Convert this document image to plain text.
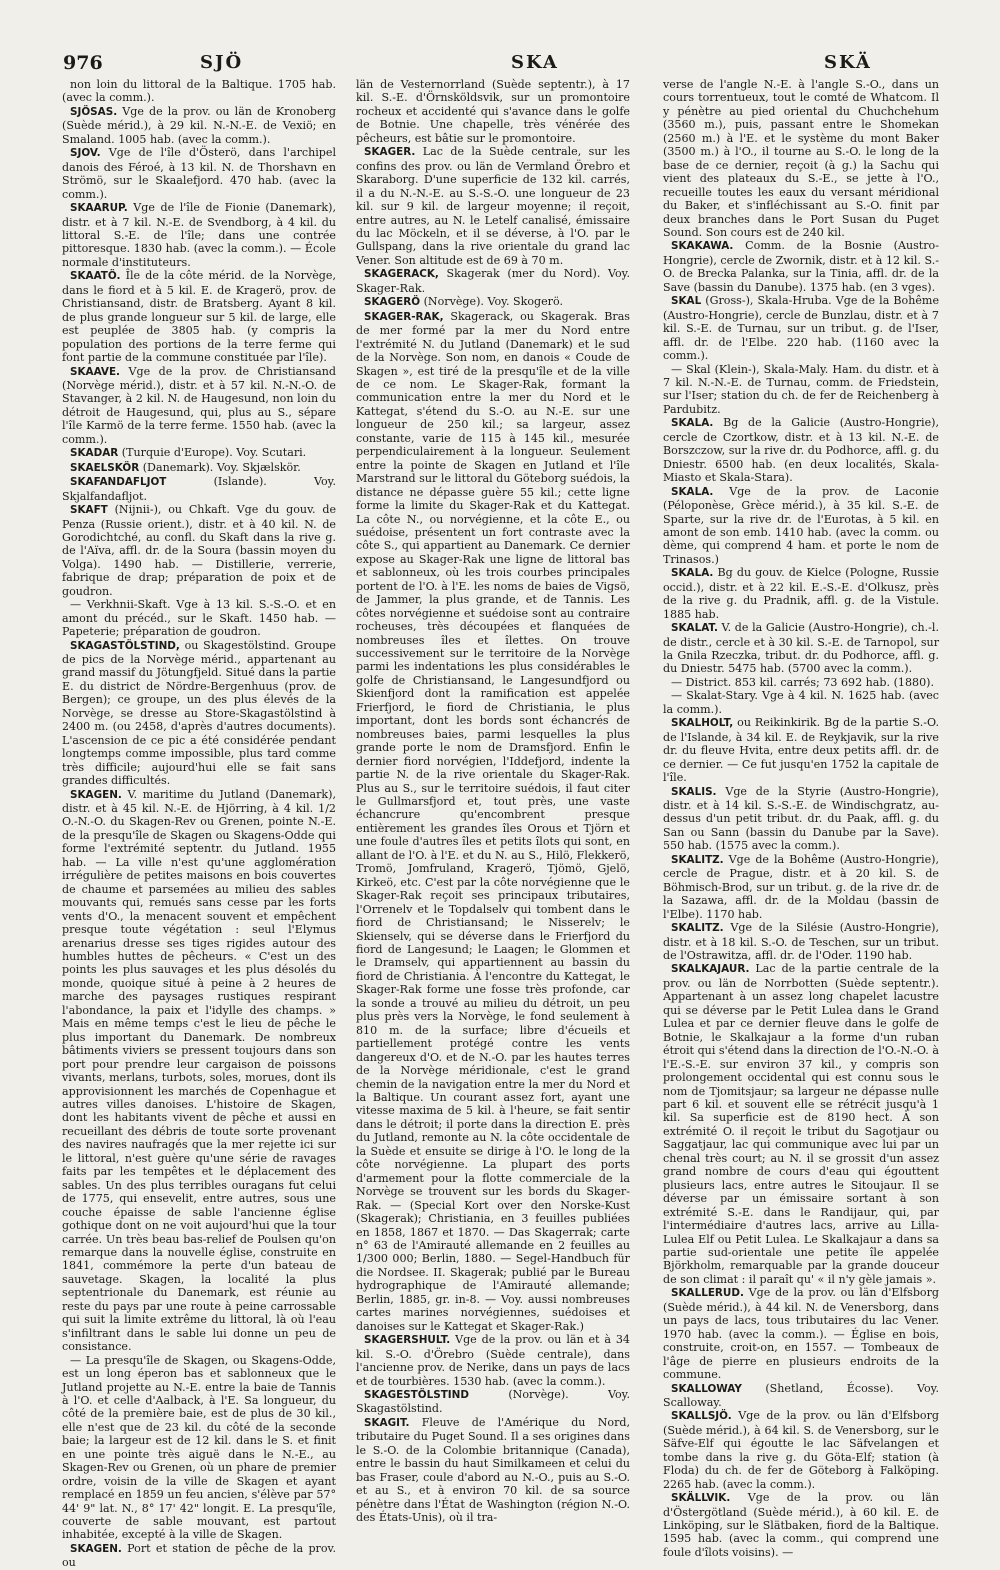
976	SJÖ	SKA	SKÄ

non loin du littoral de la Baltique. 1705 hab. (avec la comm.).

SJÖSAS. Vge de la prov. ou län de Kronoberg (Suède mérid.), à 29 kil. N.-N.-E. de Vexiö; en Smaland. 1005 hab. (avec la comm.).

SJOV. Vge de l'île d'Österö, dans l'archipel danois des Féroé, à 13 kil. N. de Thorshavn en Strömö, sur le Skaalefjord. 470 hab. (avec la comm.).

SKAARUP. Vge de l'île de Fionie (Danemark), distr. et à 7 kil. N.-E. de Svendborg, à 4 kil. du littoral S.-E. de l'île; dans une contrée pittoresque. 1830 hab. (avec la comm.). — École normale d'instituteurs.

SKAATÖ. Île de la côte mérid. de la Norvège, dans le fiord et à 5 kil. E. de Kragerö, prov. de Christiansand, distr. de Bratsberg. Ayant 8 kil. de plus grande longueur sur 5 kil. de large, elle est peuplée de 3805 hab. (y compris la population des portions de la terre ferme qui font partie de la commune constituée par l'île).

SKAAVE. Vge de la prov. de Christiansand (Norvège mérid.), distr. et à 57 kil. N.-N.-O. de Stavanger, à 2 kil. N. de Haugesund, non loin du détroit de Haugesund, qui, plus au S., sépare l'île Karmö de la terre ferme. 1550 hab. (avec la comm.).

SKADAR (Turquie d'Europe). Voy. Scutari.

SKAELSKÖR (Danemark). Voy. Skjælskör.

SKAFANDAFLJOT	(Islande). Voy. Skjalfandafljot.

SKAFT (Nijnii-), ou Chkaft. Vge du gouv. de Penza (Russie orient.), distr. et à 40 kil. N. de Gorodichtché, au confl. du Skaft dans la rive g. de l'Aïva, affl. dr. de la Soura (bassin moyen du Volga). 1490 hab. — Distillerie, verrerie, fabrique de drap; préparation de poix et de goudron.

— Verkhnii-Skaft. Vge à 13 kil. S.-S.-O. et en amont du précéd., sur le Skaft. 1450 hab. — Papeterie; préparation de goudron.

SKAGASTÖLSTIND, ou Skagestölstind. Groupe de pics de la Norvège mérid., appartenant au grand massif du Jötungfjeld. Situé dans la partie E. du district de Nördre-Bergenhuus (prov. de Bergen); ce groupe, un des plus élevés de la Norvège, se dresse au Store-Skagastölstind à 2400 m. (ou 2458, d'après d'autres documents). L'ascension de ce pic a été considérée pendant longtemps comme impossible, plus tard comme très difficile; aujourd'hui elle se fait sans grandes difficultés.

SKAGEN. V. maritime du Jutland (Danemark), distr. et à 45 kil. N.-E. de Hjörring, à 4 kil. 1/2 O.-N.-O. du Skagen-Rev ou Grenen, pointe N.-E. de la presqu'île de Skagen ou Skagens-Odde qui forme l'extrémité septentr. du Jutland. 1955 hab. — La ville n'est qu'une agglomération irrégulière de petites maisons en bois couvertes de chaume et parsemées au milieu des sables mouvants qui, remués sans cesse par les forts vents d'O., la menacent souvent et empêchent presque toute végétation : seul l'Elymus arenarius dresse ses tiges rigides autour des humbles huttes de pêcheurs. « C'est un des points les plus sauvages et les plus désolés du monde, quoique situé à peine à 2 heures de marche des paysages rustiques respirant l'abondance, la paix et l'idylle des champs. » Mais en même temps c'est le lieu de pêche le plus important du Danemark. De nombreux bâtiments viviers se pressent toujours dans son port pour prendre leur cargaison de poissons vivants, merlans, turbots, soles, morues, dont ils approvisionnent les marchés de Copenhague et autres villes danoises. L'histoire de Skagen, dont les habitants vivent de pêche et aussi en recueillant des débris de toute sorte provenant des navires naufragés que la mer rejette ici sur le littoral, n'est guère qu'une série de ravages faits par les tempêtes et le déplacement des sables. Un des plus terribles ouragans fut celui de 1775, qui ensevelit, entre autres, sous une couche épaisse de sable l'ancienne église gothique dont on ne voit aujourd'hui que la tour carrée. Un très beau bas-relief de Poulsen qu'on remarque dans la nouvelle église, construite en 1841, commémore la perte d'un bateau de sauvetage. Skagen, la localité la plus septentrionale du Danemark, est réunie au reste du pays par une route à peine carrossable qui suit la limite extrême du littoral, là où l'eau s'infiltrant dans le sable lui donne un peu de consistance.

— La presqu'île de Skagen, ou Skagens-Odde, est un long éperon bas et sablonneux que le Jutland projette au N.-E. entre la baie de Tannis à l'O. et celle d'Aalback, à l'E. Sa longueur, du côté de la première baie, est de plus de 30 kil., elle n'est que de 23 kil. du côté de la seconde baie; la largeur est de 12 kil. dans le S. et finit en une pointe très aiguë dans le N.-E., au Skagen-Rev ou Grenen, où un phare de premier ordre, voisin de la ville de Skagen et ayant remplacé en 1859 un feu ancien, s'élève par 57° 44' 9" lat. N., 8° 17' 42" longit. E. La presqu'île, couverte de sable mouvant, est partout inhabitée, excepté à la ville de Skagen.

SKAGEN. Port et station de pêche de la prov. ou

län de Vesternorrland (Suède septentr.), à 17 kil. S.-E. d'Örnsköldsvik, sur un promontoire rocheux et accidenté qui s'avance dans le golfe de Botnie. Une chapelle, très vénérée des pêcheurs, est bâtie sur le promontoire.

SKAGER. Lac de la Suède centrale, sur les confins des prov. ou län de Vermland Örebro et Skaraborg. D'une superficie de 132 kil. carrés, il a du N.-N.-E. au S.-S.-O. une longueur de 23 kil. sur 9 kil. de largeur moyenne; il reçoit, entre autres, au N. le Letelf canalisé, émissaire du lac Möckeln, et il se déverse, à l'O. par le Gullspang, dans la rive orientale du grand lac Vener. Son altitude est de 69 à 70 m.

SKAGERACK, Skagerak (mer du Nord). Voy. Skager-Rak.

SKAGERÖ (Norvège). Voy. Skogerö.

SKAGER-RAK, Skagerack, ou Skagerak. Bras de mer formé par la mer du Nord entre l'extrémité N. du Jutland (Danemark) et le sud de la Norvège. Son nom, en danois « Coude de Skagen », est tiré de la presqu'île et de la ville de ce nom. Le Skager-Rak, formant la communication entre la mer du Nord et le Kattegat, s'étend du S.-O. au N.-E. sur une longueur de 250 kil.; sa largeur, assez constante, varie de 115 à 145 kil., mesurée perpendiculairement à la longueur. Seulement entre la pointe de Skagen en Jutland et l'île Marstrand sur le littoral du Göteborg suédois, la distance ne dépasse guère 55 kil.; cette ligne forme la limite du Skager-Rak et du Kattegat. La côte N., ou norvégienne, et la côte E., ou suédoise, présentent un fort contraste avec la côte S., qui appartient au Danemark. Ce dernier expose au Skager-Rak une ligne de littoral bas et sablonneux, où les trois courbes principales portent de l'O. à l'E. les noms de baies de Vigsö, de Jammer, la plus grande, et de Tannis. Les côtes norvégienne et suédoise sont au contraire rocheuses, très découpées et flanquées de nombreuses îles et îlettes. On trouve successivement sur le territoire de la Norvège parmi les indentations les plus considérables le golfe de Christiansand, le Langesundfjord ou Skienfjord dont la ramification est appelée Frierfjord, le fiord de Christiania, le plus important, dont les bords sont échancrés de nombreuses baies, parmi lesquelles la plus grande porte le nom de Dramsfjord. Enfin le dernier fiord norvégien, l'Iddefjord, indente la partie N. de la rive orientale du Skager-Rak. Plus au S., sur le territoire suédois, il faut citer le Gullmarsfjord et, tout près, une vaste échancrure qu'encombrent presque entièrement les grandes îles Orous et Tjörn et une foule d'autres îles et petits îlots qui sont, en allant de l'O. à l'E. et du N. au S., Hilö, Flekkerö, Tromö, Jomfruland, Kragerö, Tjömö, Gjelö, Kirkeö, etc. C'est par la côte norvégienne que le Skager-Rak reçoit ses principaux tributaires, l'Orrenelv et le Topdalselv qui tombent dans le fiord de Christiansand; le Nisserelv; le Skienselv, qui se déverse dans le Frierfjord du fiord de Langesund; le Laagen; le Glommen et le Dramselv, qui appartiennent au bassin du fiord de Christiania. À l'encontre du Kattegat, le Skager-Rak forme une fosse très profonde, car la sonde a trouvé au milieu du détroit, un peu plus près vers la Norvège, le fond seulement à 810 m. de la surface; libre d'écueils et partiellement protégé contre les vents dangereux d'O. et de N.-O. par les hautes terres de la Norvège méridionale, c'est le grand chemin de la navigation entre la mer du Nord et la Baltique. Un courant assez fort, ayant une vitesse maxima de 5 kil. à l'heure, se fait sentir dans le détroit; il porte dans la direction E. près du Jutland, remonte au N. la côte occidentale de la Suède et ensuite se dirige à l'O. le long de la côte norvégienne. La plupart des ports d'armement pour la flotte commerciale de la Norvège se trouvent sur les bords du Skager-Rak. — (Special Kort over den Norske-Kust (Skagerak); Christiania, en 3 feuilles publiées en 1858, 1867 et 1870. — Das Skagerrak; carte n° 63 de l'Amirauté allemande en 2 feuilles au 1/300 000; Berlin, 1880. — Segel-Handbuch für die Nordsee. II. Skagerak; publié par le Bureau hydrographique de l'Amirauté allemande; Berlin, 1885, gr. in-8. — Voy. aussi nombreuses cartes marines norvégiennes, suédoises et danoises sur le Kattegat et Skager-Rak.)

SKAGERSHULT. Vge de la prov. ou län et à 34 kil. S.-O. d'Örebro (Suède centrale), dans l'ancienne prov. de Nerike, dans un pays de lacs et de tourbières. 1530 hab. (avec la comm.).

SKAGESTÖLSTIND	(Norvège). Voy. Skagastölstind.

SKAGIT. Fleuve de l'Amérique du Nord, tributaire du Puget Sound. Il a ses origines dans le S.-O. de la Colombie britannique (Canada), entre le bassin du haut Similkameen et celui du bas Fraser, coule d'abord au N.-O., puis au S.-O. et au S., et à environ 70 kil. de sa source pénètre dans l'État de Washington (région N.-O. des États-Unis), où il tra-

verse de l'angle N.-E. à l'angle S.-O., dans un cours torrentueux, tout le comté de Whatcom. Il y pénètre au pied oriental du Chuchchehum (3560 m.), puis, passant entre le Shomekan (2560 m.) à l'E. et le système du mont Baker (3500 m.) à l'O., il tourne au S.-O. le long de la base de ce dernier, reçoit (à g.) la Sachu qui vient des plateaux du S.-E., se jette à l'O., recueille toutes les eaux du versant méridional du Baker, et s'infléchissant au S.-O. finit par deux branches dans le Port Susan du Puget Sound. Son cours est de 240 kil.

SKAKAWA. Comm. de la Bosnie (Austro-Hongrie), cercle de Zwornik, distr. et à 12 kil. S.-O. de Brecka Palanka, sur la Tinia, affl. dr. de la Save (bassin du Danube). 1375 hab. (en 3 vges).

SKAL (Gross-), Skala-Hruba. Vge de la Bohême (Austro-Hongrie), cercle de Bunzlau, distr. et à 7 kil. S.-E. de Turnau, sur un tribut. g. de l'Iser, affl. dr. de l'Elbe. 220 hab. (1160 avec la comm.).

— Skal (Klein-), Skala-Maly. Ham. du distr. et à 7 kil. N.-N.-E. de Turnau, comm. de Friedstein, sur l'Iser; station du ch. de fer de Reichenberg à Pardubitz.

SKALA. Bg de la Galicie (Austro-Hongrie), cercle de Czortkow, distr. et à 13 kil. N.-E. de Borszczow, sur la rive dr. du Podhorce, affl. g. du Dniestr. 6500 hab. (en deux localités, Skala-Miasto et Skala-Stara).

SKALA. Vge de la prov. de Laconie (Péloponèse, Grèce mérid.), à 35 kil. S.-E. de Sparte, sur la rive dr. de l'Eurotas, à 5 kil. en amont de son emb. 1410 hab. (avec la comm. ou dème, qui comprend 4 ham. et porte le nom de Trinasos.)

SKALA. Bg du gouv. de Kielce (Pologne, Russie occid.), distr. et à 22 kil. E.-S.-E. d'Olkusz, près de la rive g. du Pradnik, affl. g. de la Vistule. 1885 hab.

SKALAT. V. de la Galicie (Austro-Hongrie), ch.-l. de distr., cercle et à 30 kil. S.-E. de Tarnopol, sur la Gnila Rzeczka, tribut. dr. du Podhorce, affl. g. du Dniestr. 5475 hab. (5700 avec la comm.).

— District. 853 kil. carrés; 73 692 hab. (1880).

— Skalat-Stary. Vge à 4 kil. N. 1625 hab. (avec la comm.).

SKALHOLT, ou Reikinkirik. Bg de la partie S.-O. de l'Islande, à 34 kil. E. de Reykjavik, sur la rive dr. du fleuve Hvita, entre deux petits affl. dr. de ce dernier. — Ce fut jusqu'en 1752 la capitale de l'île.

SKALIS. Vge de la Styrie (Austro-Hongrie), distr. et à 14 kil. S.-S.-E. de Windischgratz, au-dessus d'un petit tribut. dr. du Paak, affl. g. du San ou Sann (bassin du Danube par la Save). 550 hab. (1575 avec la comm.).

SKALITZ. Vge de la Bohême (Austro-Hongrie), cercle de Prague, distr. et à 20 kil. S. de Böhmisch-Brod, sur un tribut. g. de la rive dr. de la Sazawa, affl. dr. de la Moldau (bassin de l'Elbe). 1170 hab.

SKALITZ. Vge de la Silésie (Austro-Hongrie), distr. et à 18 kil. S.-O. de Teschen, sur un tribut. de l'Ostrawitza, affl. dr. de l'Oder. 1190 hab.

SKALKAJAUR. Lac de la partie centrale de la prov. ou län de Norrbotten (Suède septentr.). Appartenant à un assez long chapelet lacustre qui se déverse par le Petit Lulea dans le Grand Lulea et par ce dernier fleuve dans le golfe de Botnie, le Skalkajaur a la forme d'un ruban étroit qui s'étend dans la direction de l'O.-N.-O. à l'E.-S.-E. sur environ 37 kil., y compris son prolongement occidental qui est connu sous le nom de Tjomitsjaur; sa largeur ne dépasse nulle part 6 kil. et souvent elle se rétrécit jusqu'à 1 kil. Sa superficie est de 8190 hect. À son extrémité O. il reçoit le tribut du Sagotjaur ou Saggatjaur, lac qui communique avec lui par un chenal très court; au N. il se grossit d'un assez grand nombre de cours d'eau qui égouttent plusieurs lacs, entre autres le Sitoujaur. Il se déverse par un émissaire sortant à son extrémité S.-E. dans le Randijaur, qui, par l'intermédiaire d'autres lacs, arrive au Lilla-Lulea Elf ou Petit Lulea. Le Skalkajaur a dans sa partie sud-orientale une petite île appelée Björkholm, remarquable par la grande douceur de son climat : il paraît qu' « il n'y gèle jamais ».

SKALLERUD. Vge de la prov. ou län d'Elfsborg (Suède mérid.), à 44 kil. N. de Venersborg, dans un pays de lacs, tous tributaires du lac Vener. 1970 hab. (avec la comm.). — Église en bois, construite, croit-on, en 1557. — Tombeaux de l'âge de pierre en plusieurs endroits de la commune.

SKALLOWAY (Shetland, Écosse). Voy. Scalloway.

SKALLSJÖ. Vge de la prov. ou län d'Elfsborg (Suède mérid.), à 64 kil. S. de Venersborg, sur le Säfve-Elf qui égoutte le lac Säfvelangen et tombe dans la rive g. du Göta-Elf; station (à Floda) du ch. de fer de Göteborg à Falköping. 2265 hab. (avec la comm.).

SKÄLLVIK. Vge de la prov. ou län d'Östergötland (Suède mérid.), à 60 kil. E. de Linköping, sur le Slätbaken, fiord de la Baltique. 1595 hab. (avec la comm., qui comprend une foule d'îlots voisins). —
